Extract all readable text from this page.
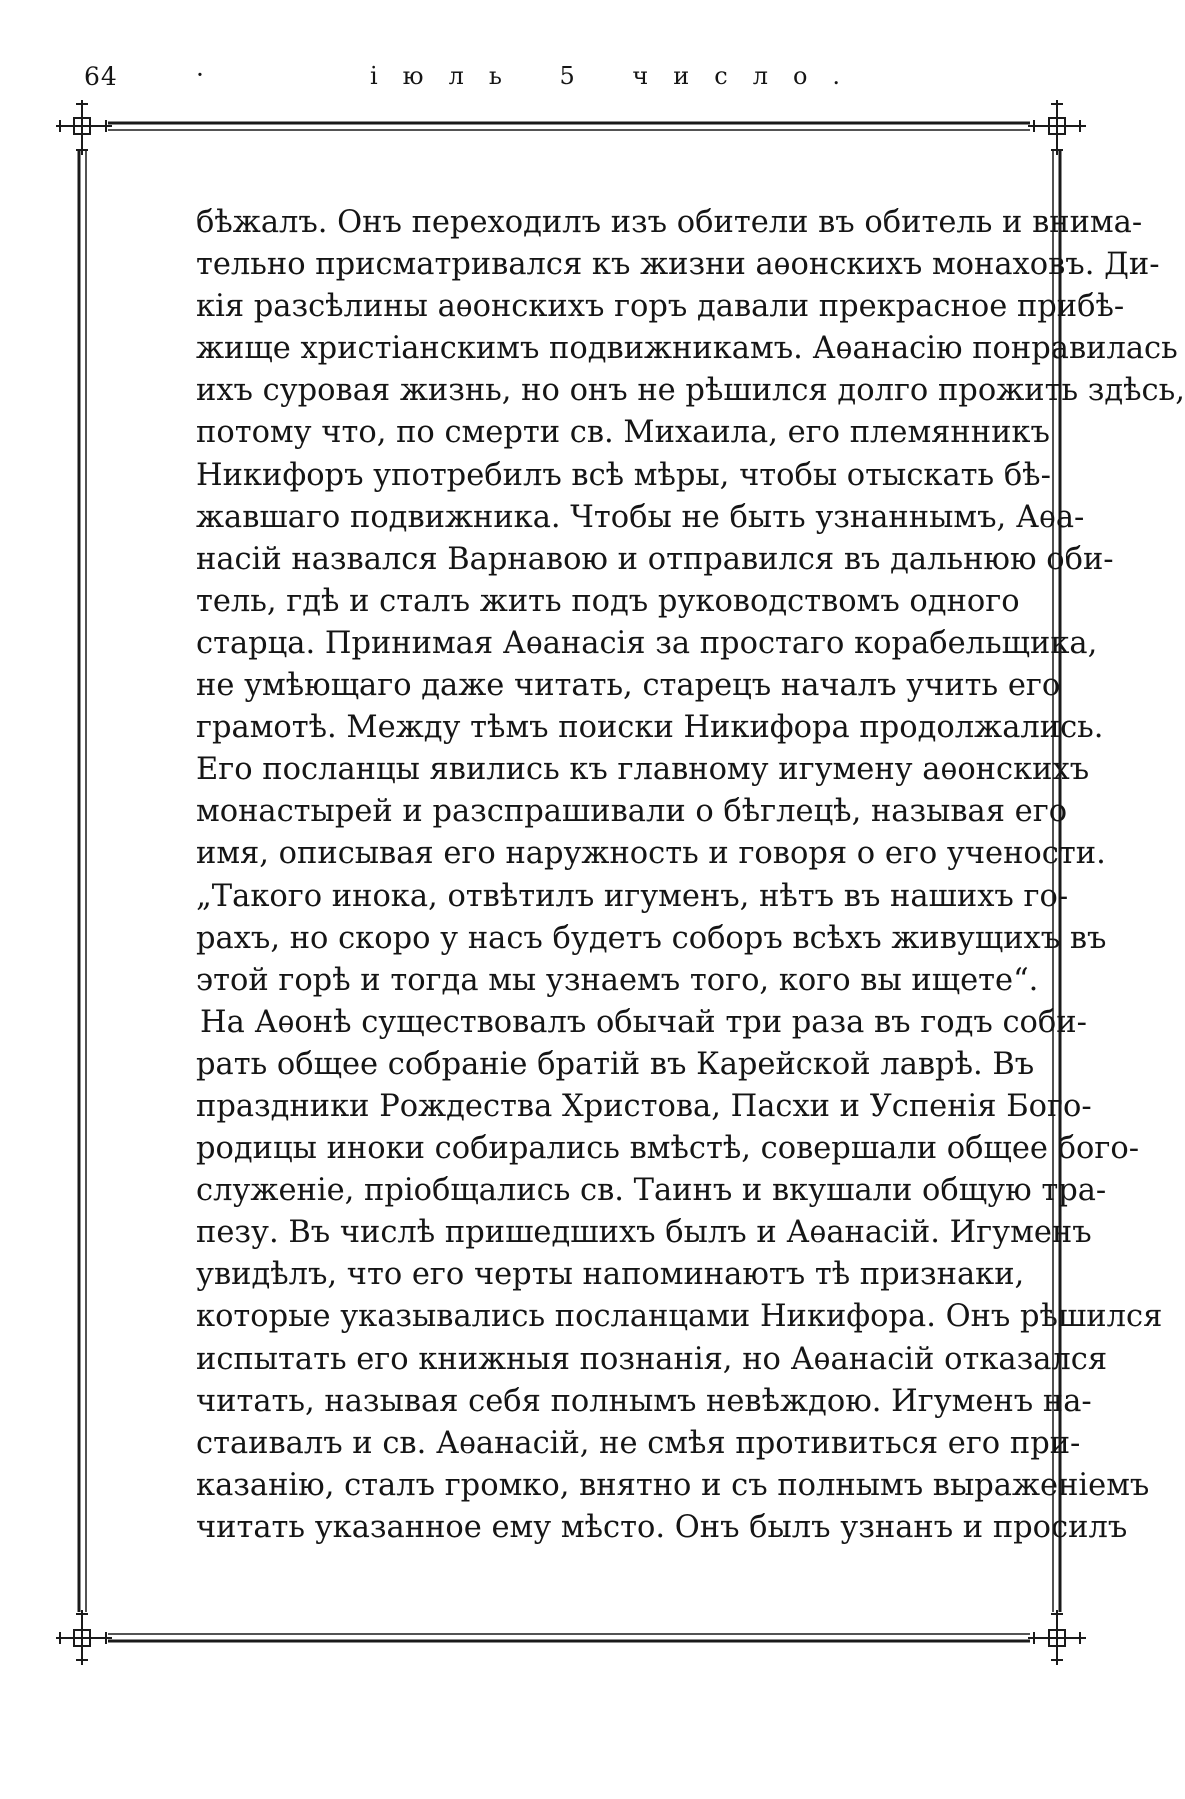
64	·	іюль 5 число.
бѣжалъ. Онъ переходилъ изъ обители въ обитель и внима-
тельно присматривался къ жизни аѳонскихъ монаховъ. Ди-
кія разсѣлины аѳонскихъ горъ давали прекрасное прибѣ-
жище христіанскимъ подвижникамъ. Аѳанасію понравилась
ихъ суровая жизнь, но онъ не рѣшился долго прожить здѣсь,
потому что, по смерти св. Михаила, его племянникъ
Никифоръ употребилъ всѣ мѣры, чтобы отыскать бѣ-
жавшаго подвижника. Чтобы не быть узнаннымъ, Аѳа-
насій назвался Варнавою и отправился въ дальнюю оби-
тель, гдѣ и сталъ жить подъ руководствомъ одного
старца. Принимая Аѳанасія за простаго корабельщика,
не умѣющаго даже читать, старецъ началъ учить его
грамотѣ. Между тѣмъ поиски Никифора продолжались.
Его посланцы явились къ главному игумену аѳонскихъ
монастырей и разспрашивали о бѣглецѣ, называя его
имя, описывая его наружность и говоря о его учености.
„Такого инока, отвѣтилъ игуменъ, нѣтъ въ нашихъ го-
рахъ, но скоро у насъ будетъ соборъ всѣхъ живущихъ въ
этой горѣ и тогда мы узнаемъ того, кого вы ищете“.
На Аѳонѣ существовалъ обычай три раза въ годъ соби-
рать общее собраніе братій въ Карейской лаврѣ. Въ
праздники Рождества Христова, Пасхи и Успенія Бого-
родицы иноки собирались вмѣстѣ, совершали общее бого-
служеніе, пріобщались св. Таинъ и вкушали общую тра-
пезу. Въ числѣ пришедшихъ былъ и Аѳанасій. Игуменъ
увидѣлъ, что его черты напоминаютъ тѣ признаки,
которые указывались посланцами Никифора. Онъ рѣшился
испытать его книжныя познанія, но Аѳанасій отказался
читать, называя себя полнымъ невѣждою. Игуменъ на-
стаивалъ и св. Аѳанасій, не смѣя противиться его при-
казанію, сталъ громко, внятно и съ полнымъ выраженіемъ
читать указанное ему мѣсто. Онъ былъ узнанъ и просилъ
